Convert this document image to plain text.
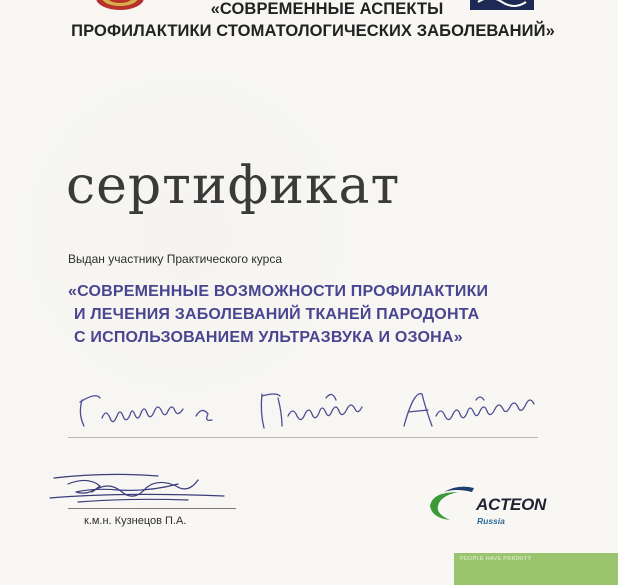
«СОВРЕМЕННЫЕ АСПЕКТЫ
ПРОФИЛАКТИКИ СТОМАТОЛОГИЧЕСКИХ ЗАБОЛЕВАНИЙ»
сертификат
Выдан участнику Практического курса
«СОВРЕМЕННЫЕ ВОЗМОЖНОСТИ ПРОФИЛАКТИКИ
И ЛЕЧЕНИЯ ЗАБОЛЕВАНИЙ ТКАНЕЙ ПАРОДОНТА
С ИСПОЛЬЗОВАНИЕМ УЛЬТРАЗВУКА И ОЗОНА»
к.м.н. Кузнецов П.А.
ACTEON
Russia
PEOPLE HAVE PRIORITY
